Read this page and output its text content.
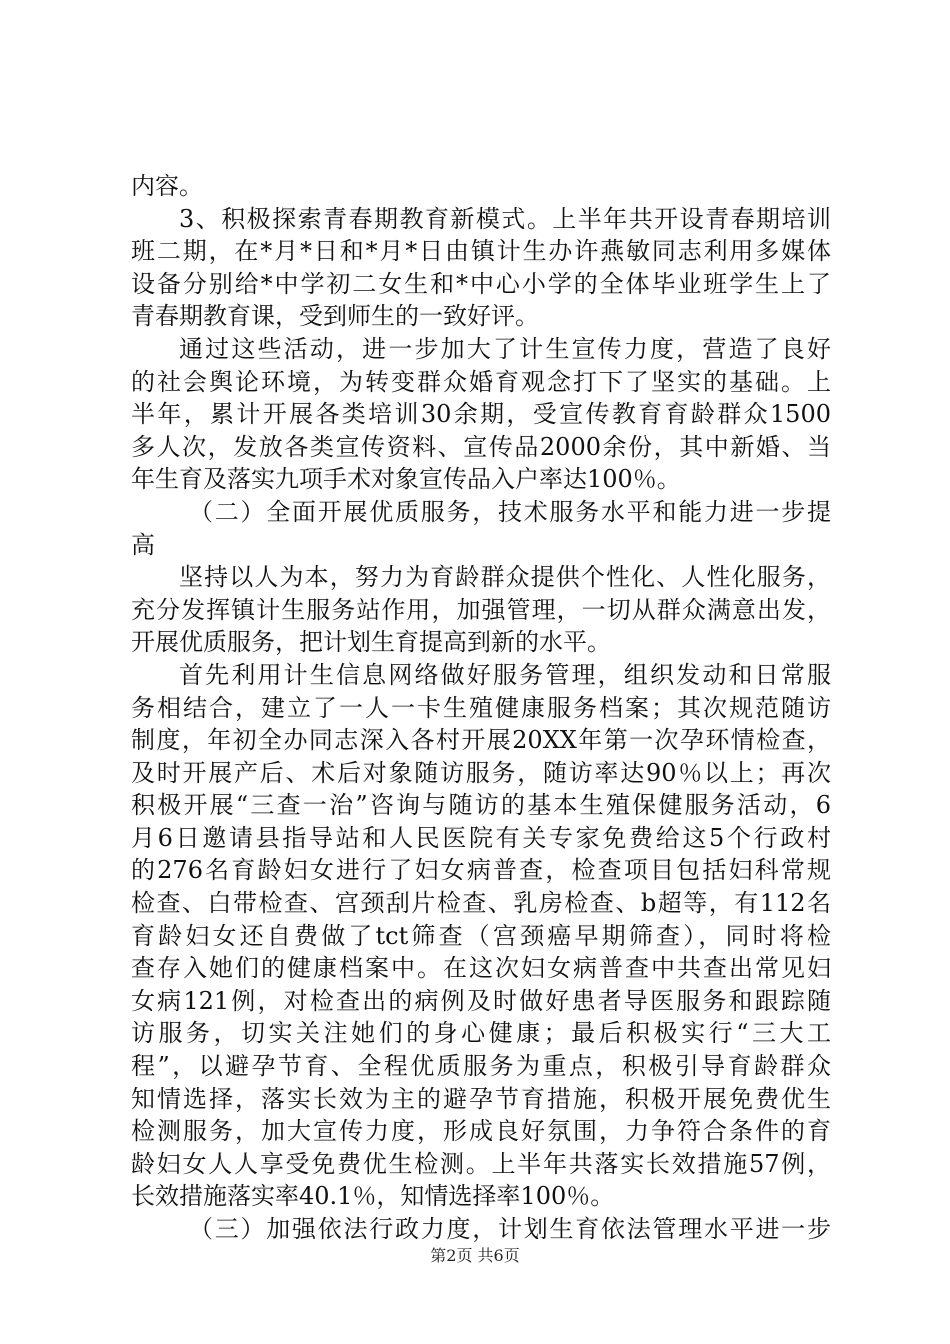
内容。
3、积极探索青春期教育新模式。上半年共开设青春期培训
班二期，在*月*日和*月*日由镇计生办许燕敏同志利用多媒体
设备分别给*中学初二女生和*中心小学的全体毕业班学生上了
青春期教育课，受到师生的一致好评。
通过这些活动，进一步加大了计生宣传力度，营造了良好
的社会舆论环境，为转变群众婚育观念打下了坚实的基础。上
半年，累计开展各类培训30余期，受宣传教育育龄群众1500
多人次，发放各类宣传资料、宣传品2000余份，其中新婚、当
年生育及落实九项手术对象宣传品入户率达100％。
（二）全面开展优质服务，技术服务水平和能力进一步提
高
坚持以人为本，努力为育龄群众提供个性化、人性化服务，
充分发挥镇计生服务站作用，加强管理，一切从群众满意出发，
开展优质服务，把计划生育提高到新的水平。
首先利用计生信息网络做好服务管理，组织发动和日常服
务相结合，建立了一人一卡生殖健康服务档案；其次规范随访
制度，年初全办同志深入各村开展20XX年第一次孕环情检查，
及时开展产后、术后对象随访服务，随访率达90％以上；再次
积极开展“三查一治”咨询与随访的基本生殖保健服务活动，6
月6日邀请县指导站和人民医院有关专家免费给这5个行政村
的276名育龄妇女进行了妇女病普查，检查项目包括妇科常规
检查、白带检查、宫颈刮片检查、乳房检查、b超等，有112名
育龄妇女还自费做了tct筛查（宫颈癌早期筛查），同时将检
查存入她们的健康档案中。在这次妇女病普查中共查出常见妇
女病121例，对检查出的病例及时做好患者导医服务和跟踪随
访服务，切实关注她们的身心健康；最后积极实行“三大工
程”，以避孕节育、全程优质服务为重点，积极引导育龄群众
知情选择，落实长效为主的避孕节育措施，积极开展免费优生
检测服务，加大宣传力度，形成良好氛围，力争符合条件的育
龄妇女人人享受免费优生检测。上半年共落实长效措施57例，
长效措施落实率40.1％，知情选择率100％。
（三）加强依法行政力度，计划生育依法管理水平进一步
第2页 共6页
